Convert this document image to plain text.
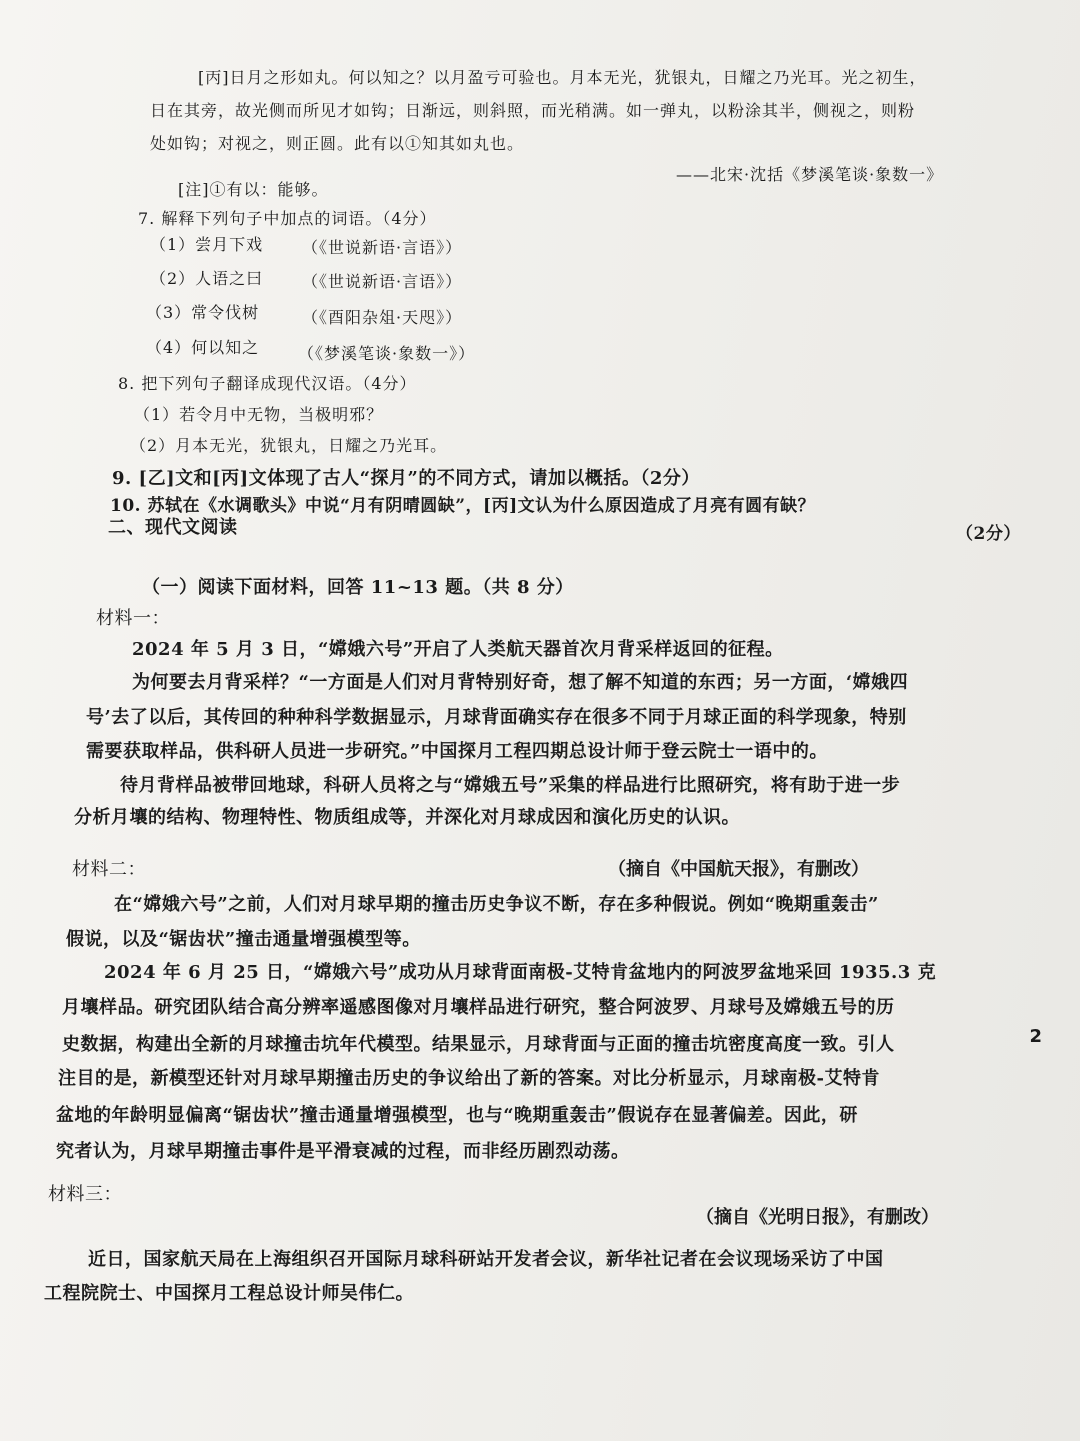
[丙]日月之形如丸。何以知之？以月盈亏可验也。月本无光，犹银丸，日耀之乃光耳。光之初生，
日在其旁，故光侧而所见才如钩；日渐远，则斜照，而光稍满。如一弹丸，以粉涂其半，侧视之，则粉
处如钩；对视之，则正圆。此有以①知其如丸也。
——北宋·沈括《梦溪笔谈·象数一》
[注]①有以：能够。
7. 解释下列句子中加点的词语。（4分）
（1）尝月下戏 （《世说新语·言语》）
（2）人语之曰 （《世说新语·言语》）
（3）常令伐树	（《酉阳杂俎·天咫》）
（4）何以知之 （《梦溪笔谈·象数一》）
8. 把下列句子翻译成现代汉语。（4分）
（1）若令月中无物，当极明邪？
（2）月本无光，犹银丸，日耀之乃光耳。
9. [乙]文和[丙]文体现了古人“探月”的不同方式，请加以概括。（2分）
10. 苏轼在《水调歌头》中说“月有阴晴圆缺”，[丙]文认为什么原因造成了月亮有圆有缺？
（2分）
二、现代文阅读
（一）阅读下面材料，回答 11~13 题。（共 8 分）
材料一：
2024 年 5 月 3 日，“嫦娥六号”开启了人类航天器首次月背采样返回的征程。
为何要去月背采样？“一方面是人们对月背特别好奇，想了解不知道的东西；另一方面，‘嫦娥四
号’去了以后，其传回的种种科学数据显示，月球背面确实存在很多不同于月球正面的科学现象，特别
需要获取样品，供科研人员进一步研究。”中国探月工程四期总设计师于登云院士一语中的。
待月背样品被带回地球，科研人员将之与“嫦娥五号”采集的样品进行比照研究，将有助于进一步
分析月壤的结构、物理特性、物质组成等，并深化对月球成因和演化历史的认识。
（摘自《中国航天报》，有删改）
材料二：
在“嫦娥六号”之前，人们对月球早期的撞击历史争议不断，存在多种假说。例如“晚期重轰击”
假说，以及“锯齿状”撞击通量增强模型等。
2024 年 6 月 25 日，“嫦娥六号”成功从月球背面南极-艾特肯盆地内的阿波罗盆地采回 1935.3 克
月壤样品。研究团队结合高分辨率遥感图像对月壤样品进行研究，整合阿波罗、月球号及嫦娥五号的历
史数据，构建出全新的月球撞击坑年代模型。结果显示，月球背面与正面的撞击坑密度高度一致。引人
注目的是，新模型还针对月球早期撞击历史的争议给出了新的答案。对比分析显示，月球南极-艾特肯
盆地的年龄明显偏离“锯齿状”撞击通量增强模型，也与“晚期重轰击”假说存在显著偏差。因此，研
究者认为，月球早期撞击事件是平滑衰减的过程，而非经历剧烈动荡。
（摘自《光明日报》，有删改）
材料三：
近日，国家航天局在上海组织召开国际月球科研站开发者会议，新华社记者在会议现场采访了中国
工程院院士、中国探月工程总设计师吴伟仁。
2
